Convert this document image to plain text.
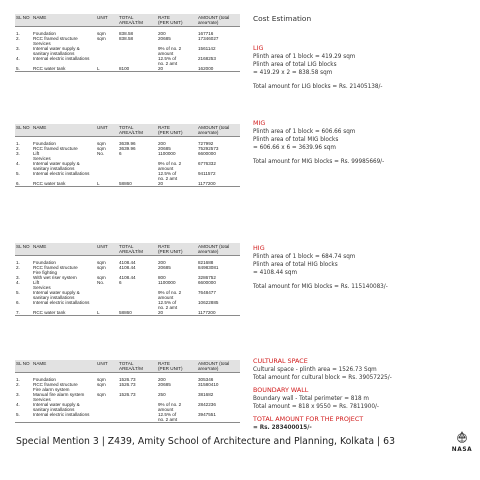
SL NO	NAME	UNIT	TOTAL
AREA/LT/M	RATE
(PER UNIT)	AMOUNT (total
area*rate)

1.	Foundation	sqm	838.58	200	167716
2.	RCC framed structure
Services	sqm	838.58	20685	17346027
3.	Internal water supply &
sanitary installations			9% of no. 2
amount	1561142
4.	Internal electric installations			12.5% of
no. 2 amt	2168253
5.	RCC water tank	L	8100	20	162000
SL NO	NAME	UNIT	TOTAL
AREA/LT/M	RATE
(PER UNIT)	AMOUNT (total
area*rate)

1.	Foundation	sqm	3639.96	200	727992
2.	RCC framed structure	sqm	3639.96	20685	75292573
3.	Lift
Services	No.	6	1100000	6600000
4.	Internal water supply &
sanitary installations			9% of no. 2
amount	6776332
5.	Internal electric installations			12.5% of
no. 2 amt	9411572
6.	RCC water tank	L	58860	20	1177200
SL NO	NAME	UNIT	TOTAL
AREA/LT/M	RATE
(PER UNIT)	AMOUNT (total
area*rate)

1.	Foundation	sqm	4108.44	200	821688
2.	RCC framed structure
Fire fighting	sqm	4108.44	20685	84983081
3.	With wet riser system	sqm	4108.44	800	3286752
4.	Lift
Services	No.	6	1100000	6600000
5.	Internal water supply &
sanitary installations			9% of no. 2
amount	7648477
6.	Internal electric installations			12.5% of
no. 2 amt	10622885
7.	RCC water tank	L	58860	20	1177200
SL NO	NAME	UNIT	TOTAL
AREA/LT/M	RATE
(PER UNIT)	AMOUNT (total
area*rate)

1.	Foundation	sqm	1526.73	200	305346
2.	RCC framed structure
Fire alarm system	sqm	1526.73	20685	31580410
3.	Manual fire alarm system
Services	sqm	1526.73	250	381682
4.	Internal water supply &
sanitary installations			9% of no. 2
amount	2842236
5.	Internal electric installations			12.5% of
no. 2 amt	3947551
Cost Estimation
LIG
Plinth area of 1 block = 419.29 sqm
Plinth area of total LIG blocks
= 419.29 x 2 = 838.58 sqm
Total amount for LIG blocks = Rs. 21405138/-
MIG
Plinth area of 1 block = 606.66 sqm
Plinth area of total MIG blocks
= 606.66 x 6 = 3639.96 sqm
Total amount for MIG blocks = Rs. 99985669/-
HIG
Plinth area of 1 block = 684.74 sqm
Plinth area of total HIG blocks
= 4108.44 sqm
Total amount for MIG blocks = Rs. 115140083/-
CULTURAL SPACE
Cultural space - plinth area = 1526.73 Sqm
Total amount for cultural block = Rs. 39057225/-
BOUNDARY WALL
Boundary wall - Total perimeter = 818 m
Total amount = 818 x 9550 = Rs. 7811900/-
TOTAL AMOUNT FOR THE PROJECT
= Rs. 283400015/-
Special Mention 3 | Z439, Amity School of Architecture and Planning, Kolkata | 63
NASA
